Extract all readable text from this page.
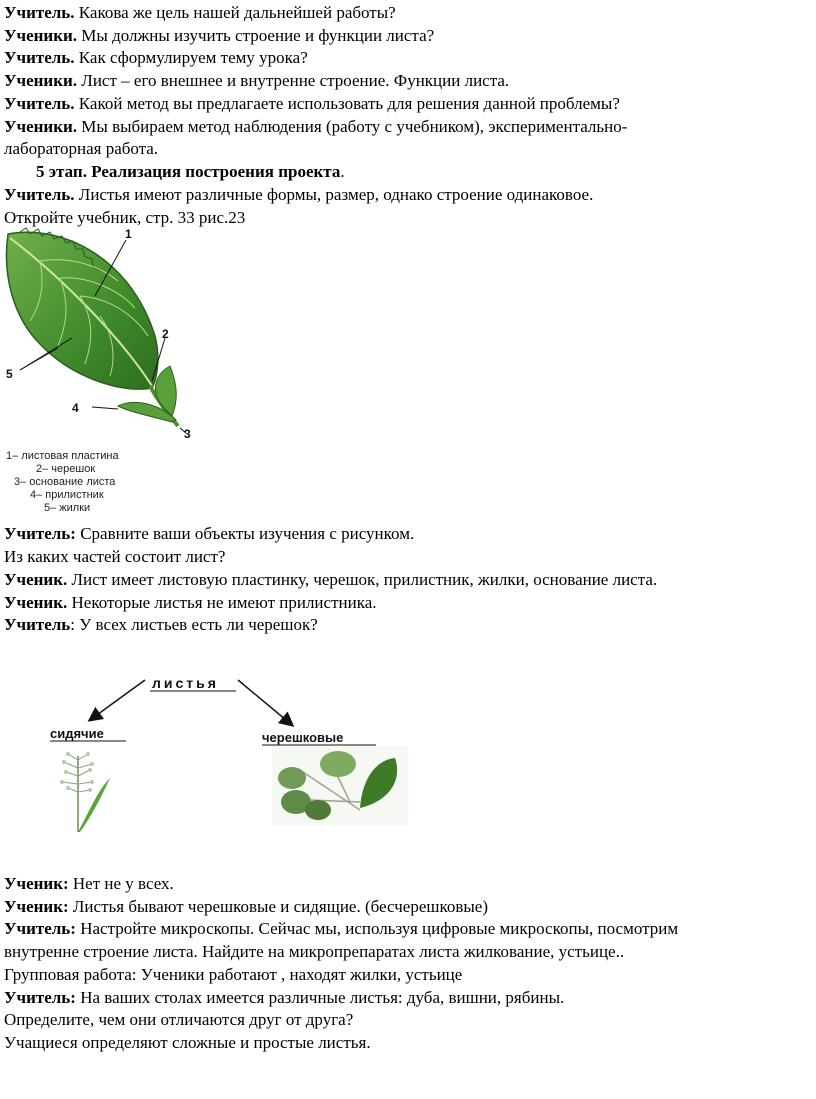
Учитель. Какова же цель нашей дальнейшей работы?
Ученики. Мы должны изучить строение и функции листа?
Учитель. Как сформулируем тему урока?
Ученики. Лист – его внешнее и внутренне строение. Функции листа.
Учитель. Какой метод вы предлагаете использовать для решения данной проблемы?
Ученики. Мы выбираем метод наблюдения (работу с учебником), экспериментально-
лабораторная работа.
5 этап. Реализация построения проекта.
Учитель. Листья имеют различные формы, размер, однако строение одинаковое.
Откройте учебник, стр. 33 рис.23
1
2
3
4
5
1– листовая пластина
2– черешок
3– основание листа
4– прилистник
5– жилки
Учитель: Сравните ваши объекты изучения с рисунком.
Из каких частей состоит лист?
Ученик. Лист имеет листовую пластинку, черешок, прилистник, жилки, основание листа.
Ученик. Некоторые листья не имеют прилистника.
Учитель: У всех листьев есть ли черешок?
листья
сидячие	черешковые
Ученик: Нет не у всех.
Ученик: Листья бывают черешковые и сидящие. (бесчерешковые)
Учитель: Настройте микроскопы. Сейчас мы, используя цифровые микроскопы, посмотрим
внутренне строение листа. Найдите на микропрепаратах листа жилкование, устьице..
Групповая работа: Ученики работают , находят жилки, устьице
Учитель: На ваших столах имеется различные листья: дуба, вишни, рябины.
Определите, чем они отличаются друг от друга?
Учащиеся определяют сложные и простые листья.
